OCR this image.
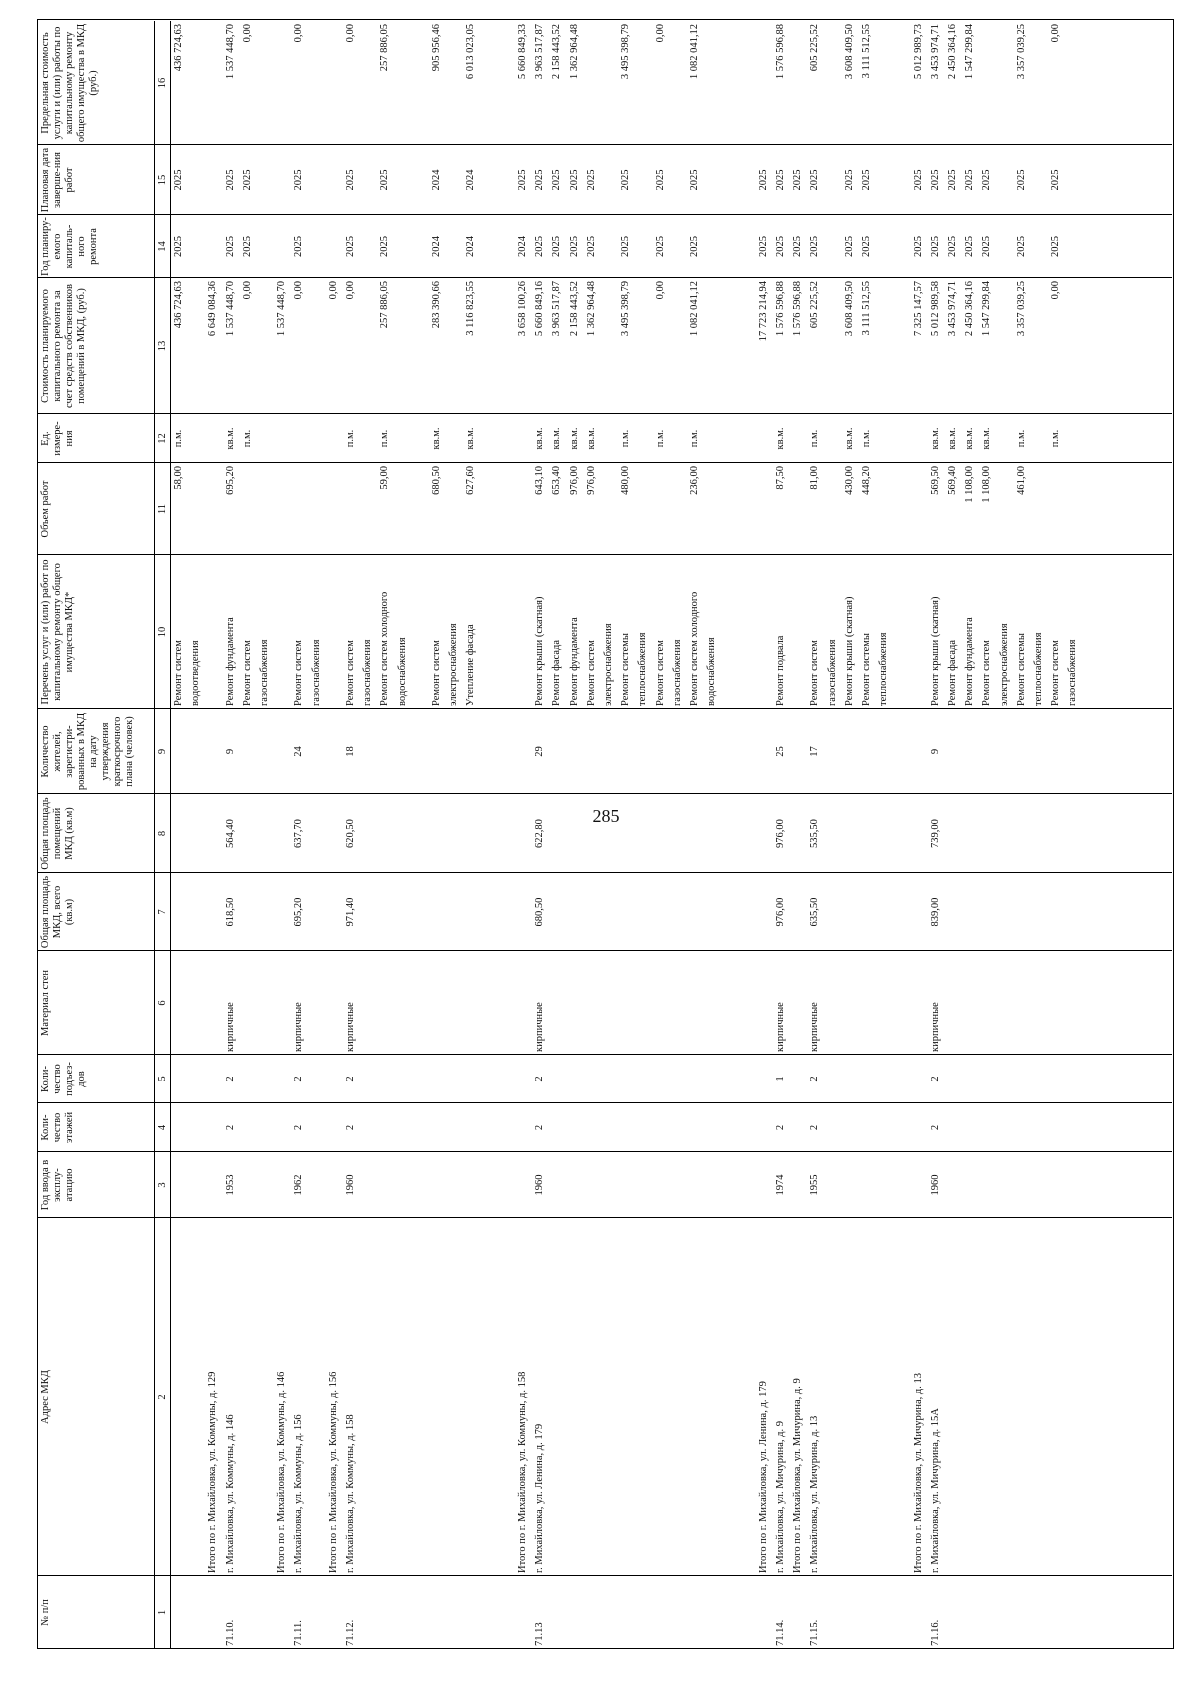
285
№ п/п
Адрес МКД
Год ввода в эксплу-атацию
Коли-чество этажей
Коли-чество подъез-дов
Материал стен
Общая площадь МКД, всего (кв.м)
Общая площадь помещений МКД (кв.м)
Количество жителей, зарегистри-рованных в МКД на дату утверждения краткосрочного плана (человек)
Перечень услуг и (или) работ по капитальному ремонту общего имущества МКД*
Объем работ
Ед. измере-ния
Стоимость планируемого капитального ремонта за счет средств собственников помещений в МКД, (руб.)
Год планиру-емого капиталь-ного ремонта
Плановая дата заверше-ния работ
Предельная стоимость услуги и (или) работы по капитальному ремонту общего имущества в МКД (руб.)
1
2
3
4
5
6
7
8
9
10
11
12
13
14
15
16
Ремонт систем
58,00
п.м.
436 724,63
2025
2025
436 724,63
водоотведения
Итого по г. Михайловка, ул. Коммуны, д. 129
6 649 084,36
71.10.
г. Михайловка, ул. Коммуны, д. 146
1953
2
2
кирпичные
618,50
564,40
9
Ремонт фундамента
695,20
кв.м.
1 537 448,70
2025
2025
1 537 448,70
Ремонт систем
п.м.
0,00
2025
2025
0,00
газоснабжения
Итого по г. Михайловка, ул. Коммуны, д. 146
1 537 448,70
71.11.
г. Михайловка, ул. Коммуны, д. 156
1962
2
2
кирпичные
695,20
637,70
24
Ремонт систем
0,00
2025
2025
0,00
газоснабжения
Итого по г. Михайловка, ул. Коммуны, д. 156
0,00
71.12.
г. Михайловка, ул. Коммуны, д. 158
1960
2
2
кирпичные
971,40
620,50
18
Ремонт систем
п.м.
0,00
2025
2025
0,00
газоснабжения Ремонт систем холодного
59,00
п.м.
257 886,05
2025
2025
257 886,05
водоснабжения Ремонт систем
680,50
кв.м.
283 390,66
2024
2024
905 956,46
электроснабжения Утепление фасада
627,60
кв.м.
3 116 823,55
2024
2024
6 013 023,05
Итого по г. Михайловка, ул. Коммуны, д. 158
3 658 100,26
2024
2025
5 660 849,33
71.13
г. Михайловка, ул. Ленина, д. 179
1960
2
2
кирпичные
680,50
622,80
29
Ремонт крыши (скатная)
643,10
кв.м.
5 660 849,16
2025
2025
3 963 517,87
Ремонт фасада
653,40
кв.м.
3 963 517,87
2025
2025
2 158 443,52
Ремонт фундамента
976,00
кв.м.
2 158 443,52
2025
2025
1 362 964,48
Ремонт систем
976,00
кв.м.
1 362 964,48
2025
2025
электроснабжения Ремонт системы
480,00
п.м.
3 495 398,79
2025
2025
3 495 398,79
теплоснабжения Ремонт систем
п.м.
0,00
2025
2025
0,00
газоснабжения Ремонт систем холодного
236,00
п.м.
1 082 041,12
2025
2025
1 082 041,12
водоснабжения
Итого по г. Михайловка, ул. Ленина, д. 179
17 723 214,94
2025
2025
71.14.
г. Михайловка, ул. Мичурина, д. 9
1974
2
1
кирпичные
976,00
976,00
25
Ремонт подвала
87,50
кв.м.
1 576 596,88
2025
2025
1 576 596,88
Итого по г. Михайловка, ул. Мичурина, д. 9
1 576 596,88
2025
2025
71.15.
г. Михайловка, ул. Мичурина, д. 13
1955
2
2
кирпичные
635,50
535,50
17
Ремонт систем
81,00
п.м.
605 225,52
2025
2025
605 225,52
газоснабжения Ремонт крыши (скатная)
430,00
кв.м.
3 608 409,50
2025
2025
3 608 409,50
Ремонт системы
448,20
п.м.
3 111 512,55
2025
2025
3 111 512,55
теплоснабжения
Итого по г. Михайловка, ул. Мичурина, д. 13
7 325 147,57
2025
2025
5 012 989,73
71.16.
г. Михайловка, ул. Мичурина, д. 15А
1960
2
2
кирпичные
839,00
739,00
9
Ремонт крыши (скатная)
569,50
кв.м.
5 012 989,58
2025
2025
3 453 974,71
Ремонт фасада
569,40
кв.м.
3 453 974,71
2025
2025
2 450 364,16
Ремонт фундамента
1 108,00
кв.м.
2 450 364,16
2025
2025
1 547 299,84
Ремонт систем
1 108,00
кв.м.
1 547 299,84
2025
2025
электроснабжения Ремонт системы
461,00
п.м.
3 357 039,25
2025
2025
3 357 039,25
теплоснабжения Ремонт систем
п.м.
0,00
2025
2025
0,00
газоснабжения
